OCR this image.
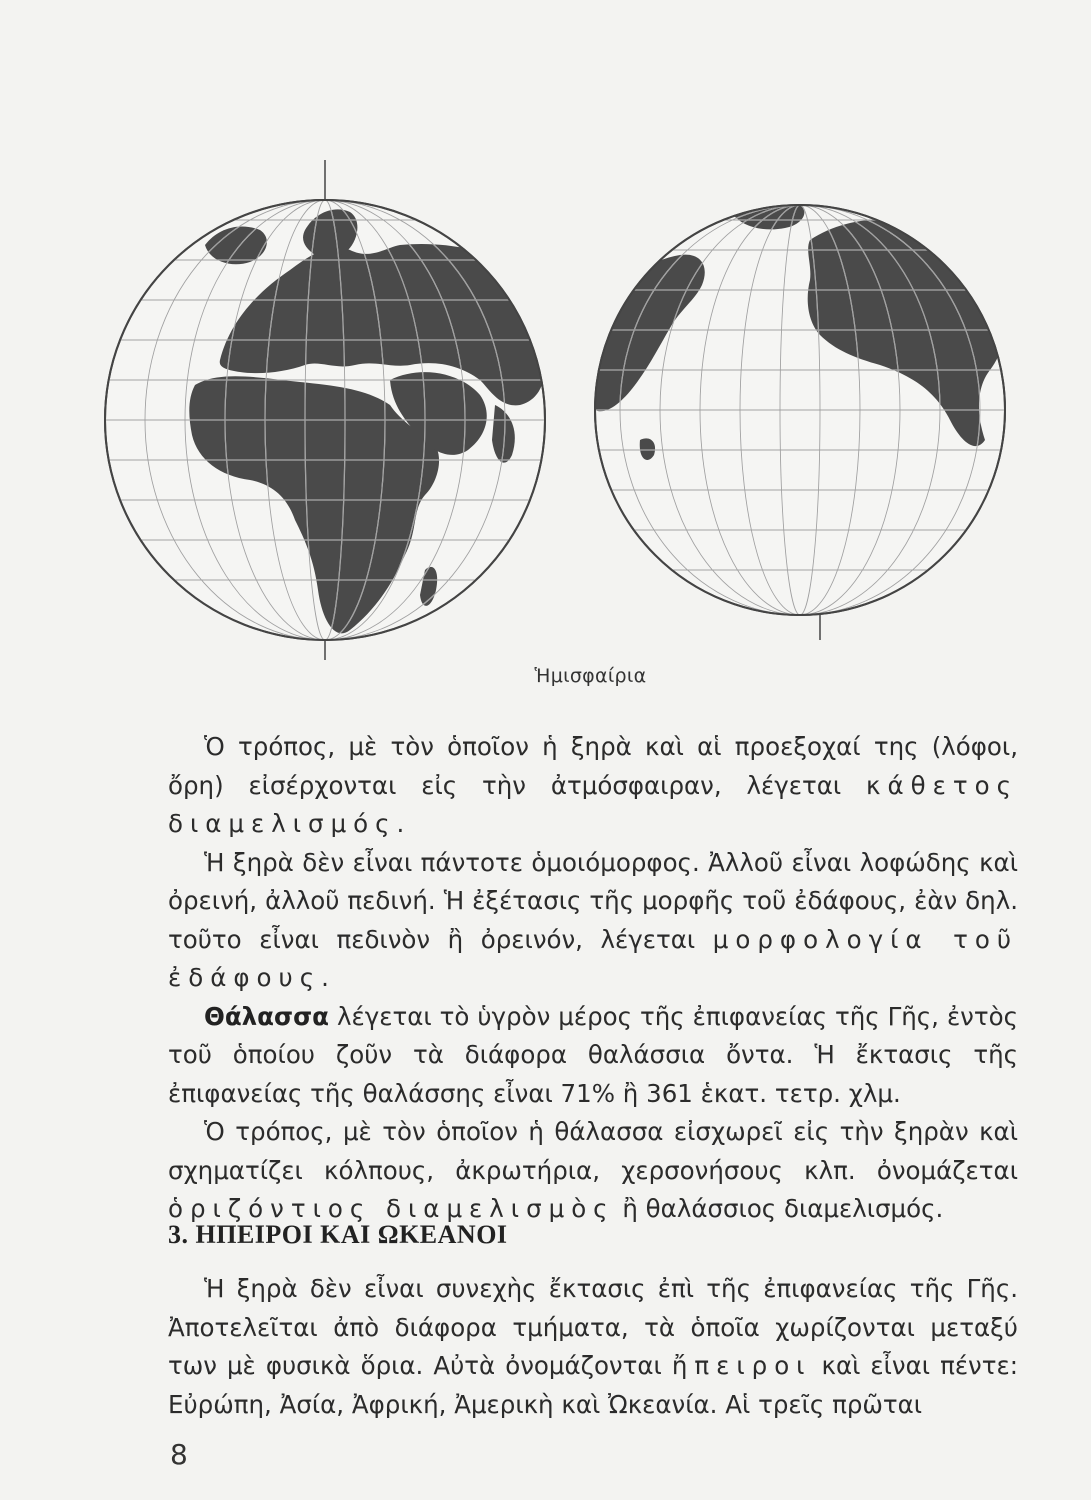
Ἡμισφαίρια

Ὁ τρόπος, μὲ τὸν ὁποῖον ἡ ξηρὰ καὶ αἱ προεξοχαί της (λόφοι, ὄρη) εἰσέρχονται εἰς τὴν ἀτμόσφαιραν, λέγεται κάθετος διαμελισμός.

Ἡ ξηρὰ δὲν εἶναι πάντοτε ὁμοιόμορφος. Ἀλλοῦ εἶναι λοφώδης καὶ ὀρεινή, ἀλλοῦ πεδινή. Ἡ ἐξέτασις τῆς μορφῆς τοῦ ἐδάφους, ἐὰν δηλ. τοῦτο εἶναι πεδινὸν ἢ ὀρεινόν, λέγεται μορφολογία τοῦ ἐδάφους.

Θάλασσα λέγεται τὸ ὑγρὸν μέρος τῆς ἐπιφανείας τῆς Γῆς, ἐντὸς τοῦ ὁποίου ζοῦν τὰ διάφορα θαλάσσια ὄντα. Ἡ ἔκτασις τῆς ἐπιφανείας τῆς θαλάσσης εἶναι 71% ἢ 361 ἑκατ. τετρ. χλμ.

Ὁ τρόπος, μὲ τὸν ὁποῖον ἡ θάλασσα εἰσχωρεῖ εἰς τὴν ξηρὰν καὶ σχηματίζει κόλπους, ἀκρωτήρια, χερσονήσους κλπ. ὀνομάζεται ὁριζόντιος διαμελισμὸς ἢ θαλάσσιος διαμελισμός.

3. ΗΠΕΙΡΟΙ ΚΑΙ ΩΚΕΑΝΟΙ

Ἡ ξηρὰ δὲν εἶναι συνεχὴς ἔκτασις ἐπὶ τῆς ἐπιφανείας τῆς Γῆς. Ἀποτελεῖται ἀπὸ διάφορα τμήματα, τὰ ὁποῖα χωρίζονται μεταξύ των μὲ φυσικὰ ὅρια. Αὐτὰ ὀνομάζονται ἤπειροι καὶ εἶναι πέντε: Εὐρώπη, Ἀσία, Ἀφρική, Ἀμερικὴ καὶ Ὠκεανία. Αἱ τρεῖς πρῶται

8
